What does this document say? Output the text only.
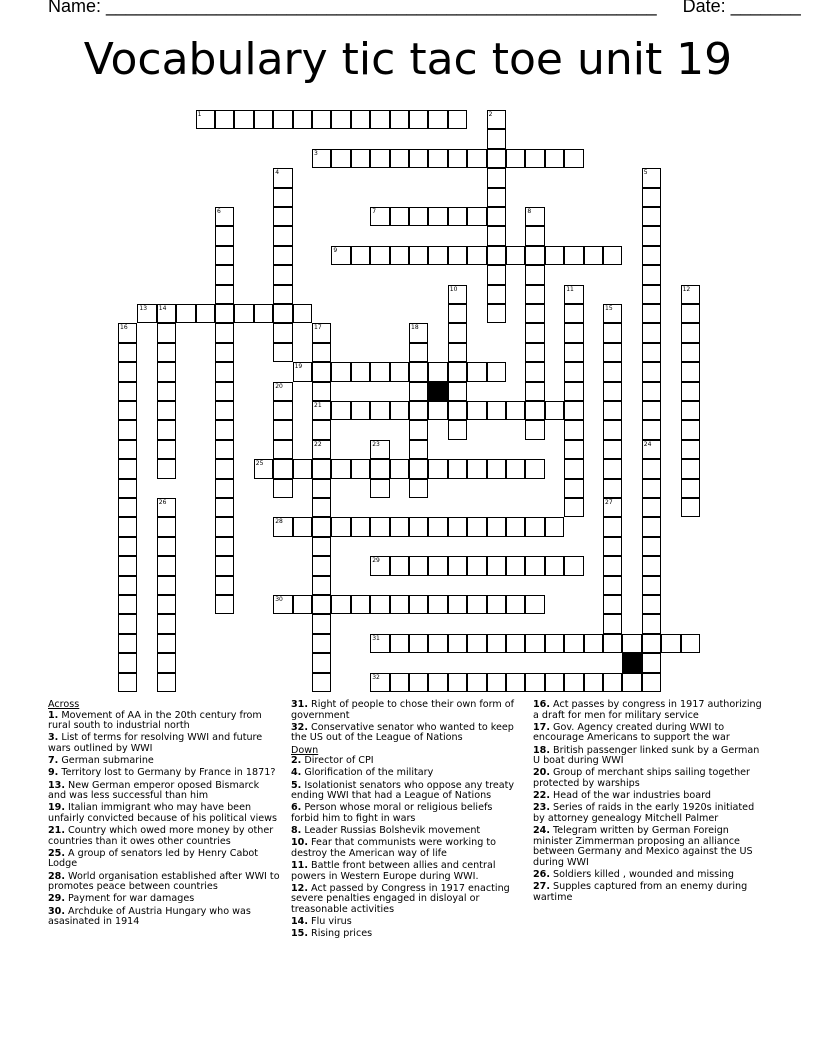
Name: _______________________________________________________ Date: _______
Vocabulary tic tac toe unit 19
1	2
3
4	5
6	7	8
9
10	11	12
13 14	15
16	17	18
19
20
21
22	23	24
25
26	27
28
29
30
31
32
Across
1. Movement of AA in the 20th century from rural south to industrial north
3. List of terms for resolving WWI and future wars outlined by WWI
7. German submarine
9. Territory lost to Germany by France in 1871?
13. New German emperor oposed Bismarck and was less successful than him
19. Italian immigrant who may have been unfairly convicted because of his political views
21. Country which owed more money by other countries than it owes other countries
25. A group of senators led by Henry Cabot Lodge
28. World organisation established after WWI to promotes peace between countries
29. Payment for war damages
30. Archduke of Austria Hungary who was asasinated in 1914
31. Right of people to chose their own form of government
32. Conservative senator who wanted to keep the US out of the League of Nations
Down
2. Director of CPI
4. Glorification of the military
5. Isolationist senators who oppose any treaty ending WWI that had a League of Nations
6. Person whose moral or religious beliefs forbid him to fight in wars
8. Leader Russias Bolshevik movement
10. Fear that communists were working to destroy the American way of life
11. Battle front between allies and central powers in Western Europe during WWI.
12. Act passed by Congress in 1917 enacting severe penalties engaged in disloyal or treasonable activities
14. Flu virus
15. Rising prices
16. Act passes by congress in 1917 authorizing a draft for men for military service
17. Gov. Agency created during WWI to encourage Americans to support the war
18. British passenger linked sunk by a German U boat during WWI
20. Group of merchant ships sailing together protected by warships
22. Head of the war industries board
23. Series of raids in the early 1920s initiated by attorney genealogy Mitchell Palmer
24. Telegram written by German Foreign minister Zimmerman proposing an alliance between Germany and Mexico against the US during WWI
26. Soldiers killed , wounded and missing
27. Supples captured from an enemy during wartime
